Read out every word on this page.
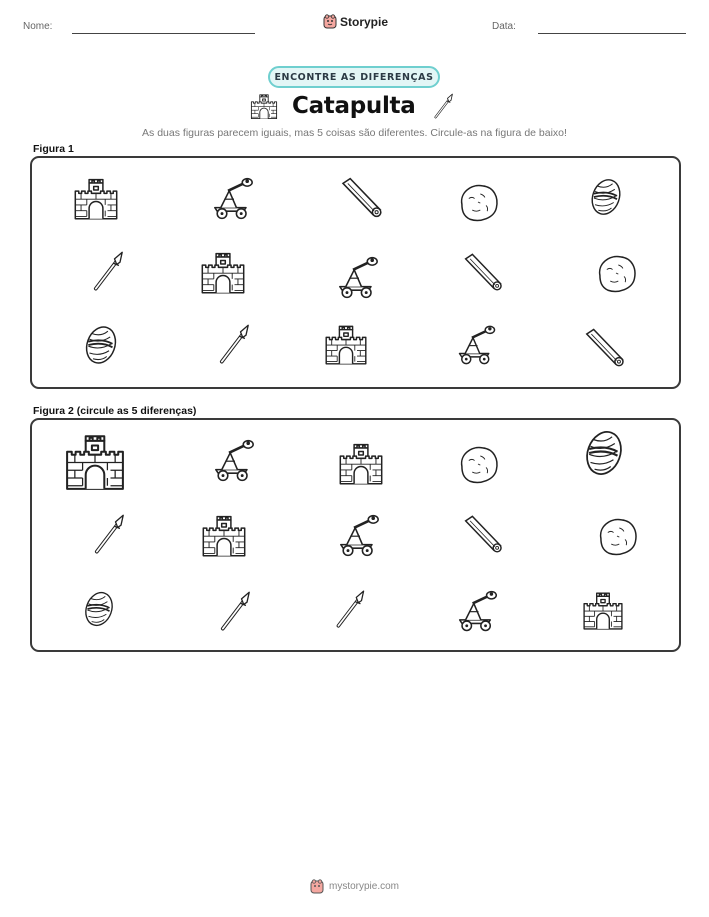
Nome:	Storypie	Data:
ENCONTRE AS DIFERENÇAS
Catapulta
As duas figuras parecem iguais, mas 5 coisas são diferentes. Circule-as na figura de baixo!
Figura 1
Figura 2 (circule as 5 diferenças)
mystorypie.com
